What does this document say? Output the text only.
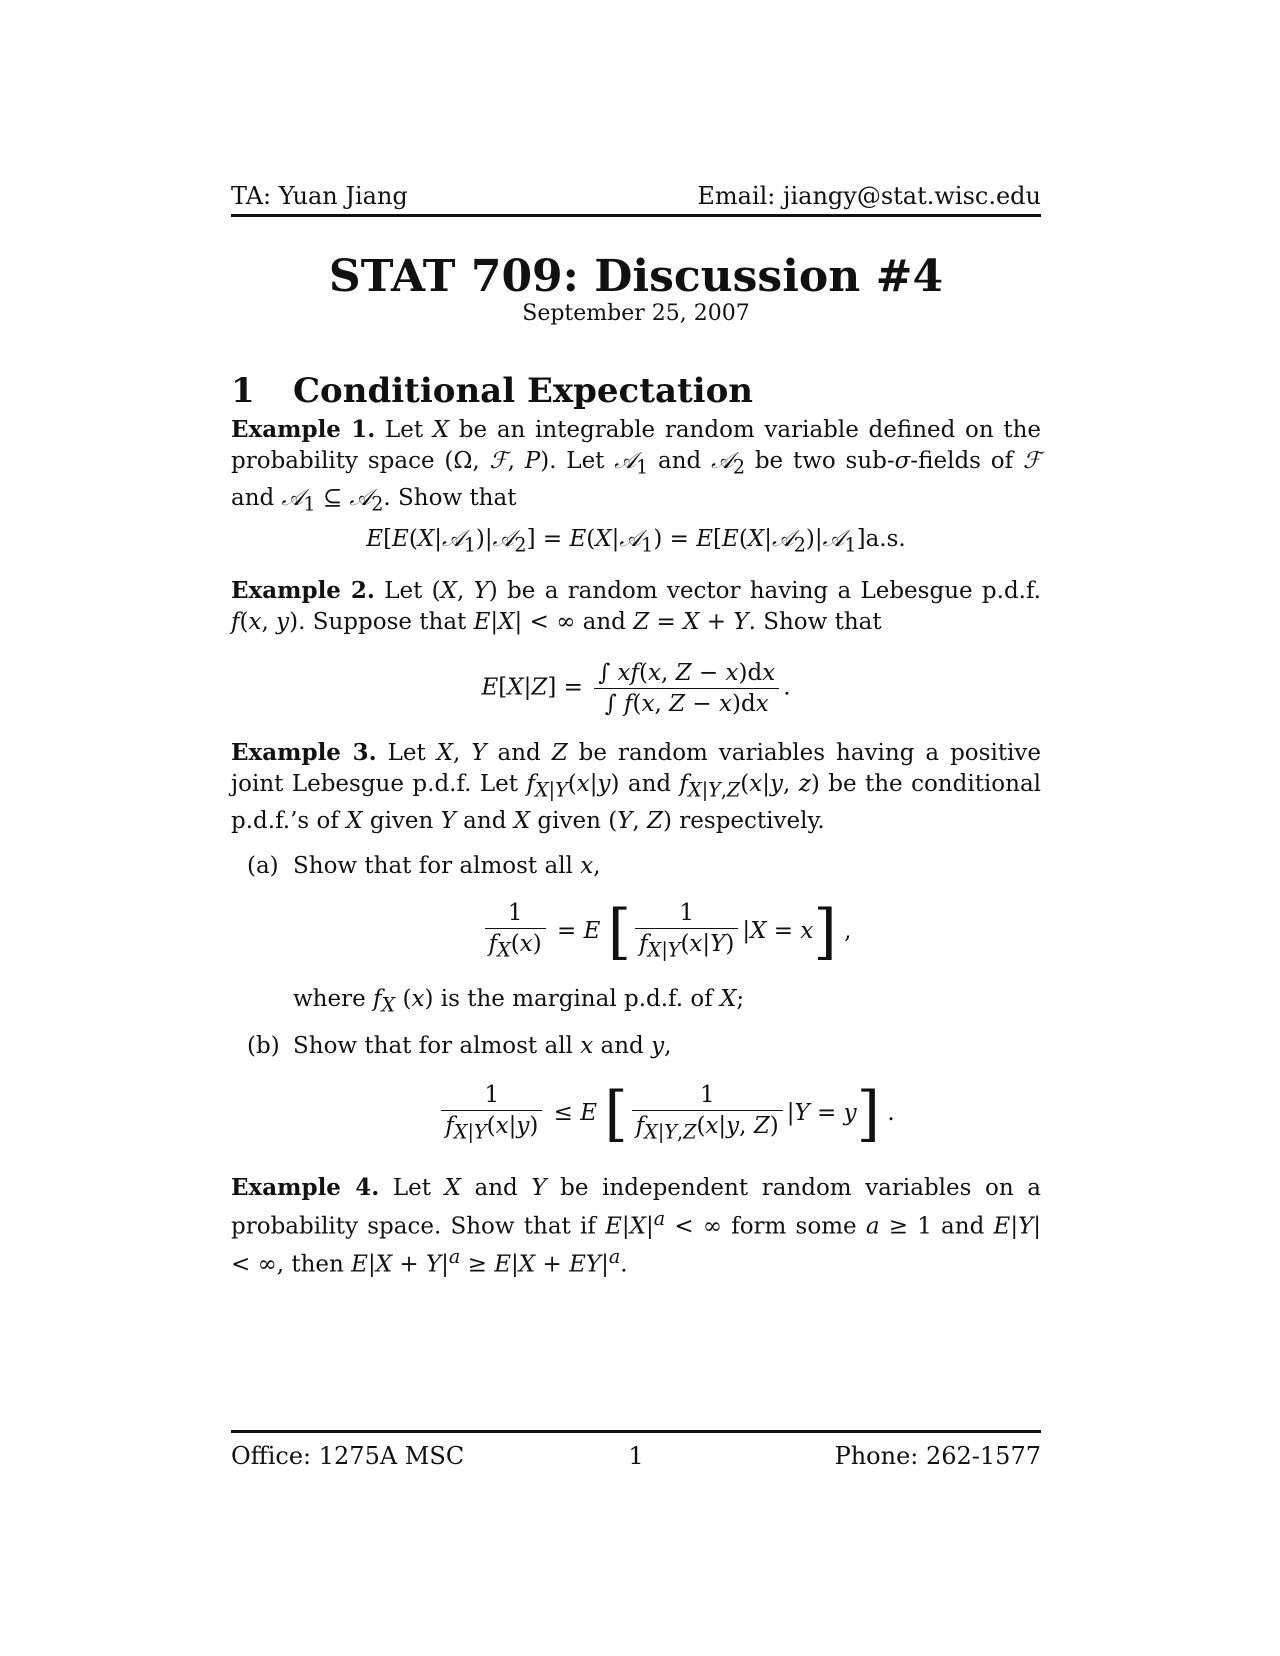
TA: Yuan Jiang	Email: jiangy@stat.wisc.edu
STAT 709: Discussion #4
September 25, 2007
1 Conditional Expectation
Example 1. Let X be an integrable random variable defined on the probability space (Ω, ℱ, P). Let 𝒜$_1$ and 𝒜$_2$ be two sub-σ-fields of ℱ and 𝒜$_1$ ⊆ 𝒜$_2$. Show that
E[E(X|𝒜$_1$)|𝒜$_2$] = E(X|𝒜$_1$) = E[E(X|𝒜$_2$)|𝒜$_1$]a.s.
Example 2. Let (X, Y) be a random vector having a Lebesgue p.d.f. f(x, y). Suppose that E|X| < ∞ and Z = X + Y. Show that
$E[X|Z] = \frac{\int xf(x, Z - x)dx}{\int f(x, Z - x)dx}$ .
Example 3. Let X, Y and Z be random variables having a positive joint Lebesgue p.d.f. Let $f_{X|Y}(x|y)$ and $f_{X|Y,Z}(x|y$, z) be the conditional p.d.f.’s of X given Y and X given (Y, Z) respectively.
(a) Show that for almost all x,
$\frac{1}{f_X(x)} = E$ [ $\frac{1}{f_{X|Y}(x|Y)} |X = x$] ,
where $f_X$ (x) is the marginal p.d.f. of X;
(b) Show that for almost all x and y,
$\frac{1}{f_{X|Y}(x|y)} \le E$ [ $\frac{1}{f_{X|Y,Z}(x|y, Z)} |Y = y$] .
Example 4. Let X and Y be independent random variables on a probability space. Show that if $E|X|^a$ < ∞ form some a ≥ 1 and E|Y| < ∞, then $E|X + Y|^a \ge E|X + EY|^a$.
Office: 1275A MSC	1	Phone: 262-1577
